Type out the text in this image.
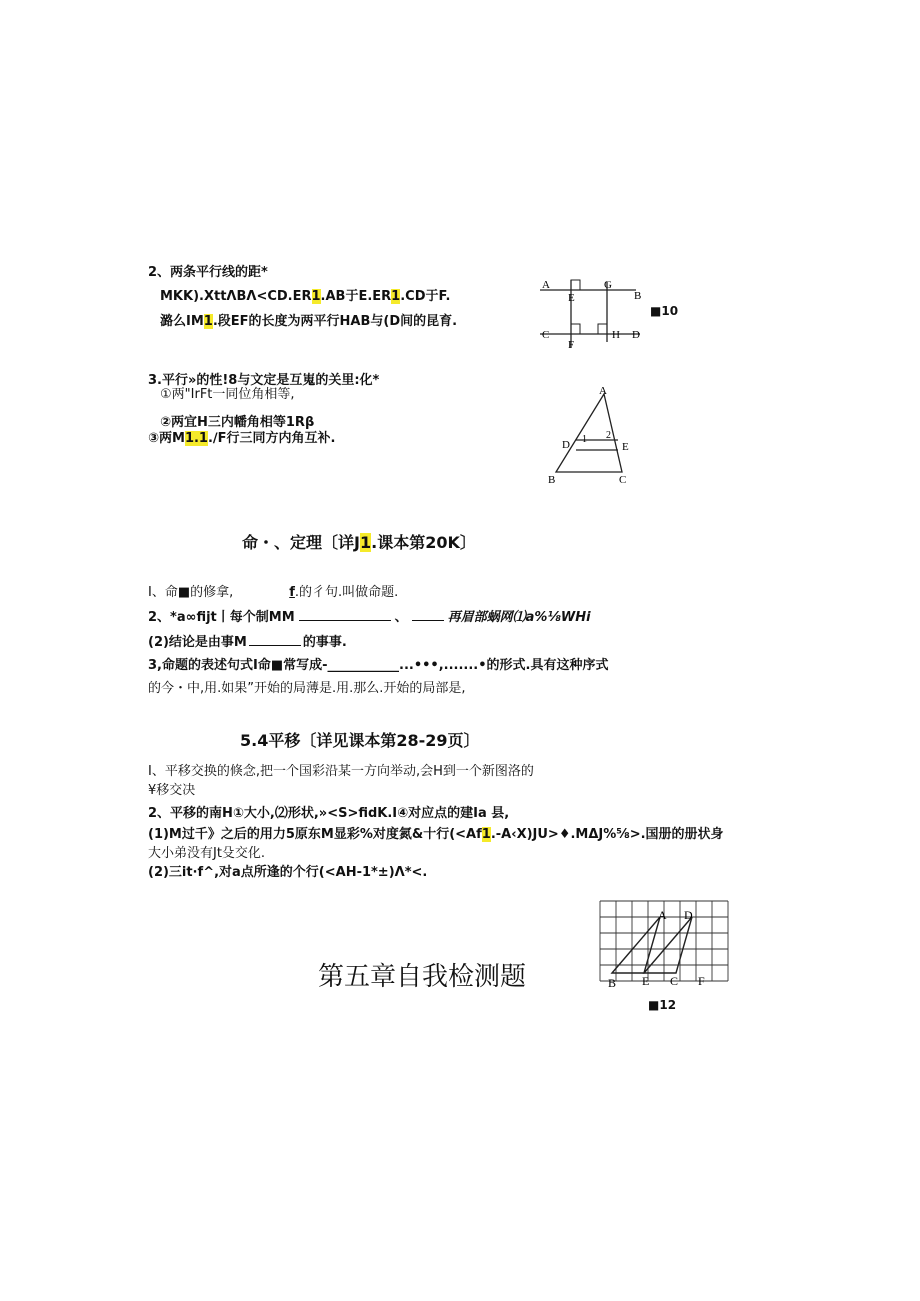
2、两条平行线的距*
MKK).XttΛBΛ<CD.ER1.AB于E.ER1.CD于F.
潞么IM1.段EF的长度为两平行HAB与(D间的昆育.
A
E
G
B
C	H D
F
■10
3.平行»的性!8与文定是互嵬的关里:化*
①两"IrFt一同位角相等,
②两宜H三内幡角相等1Rβ
③两M1.1.∕F行三同方内角互补.
A
D	E
1 2
B	C
命・、定理〔详J1.课本第20K〕
I、命■的修拿,	f.的彳句.叫做命题.
2、*a∞fijt丨每个制MM	、	再眉部蜗网⑴a%⅛WHi
(2)结论是由事M	的事事.
3,命题的表述句式I命■常写成-___________...•••,.......•的形式.具有这种序式
的今・中,用.如果”开始的局薄是.用.那么.开始的局部是,
5.4平移〔详见课本第28-29页〕
I、平移交换的倏念,把一个国彩沿某一方向举动,会H到一个新图洛的
¥移交决
2、平移的南H①大小,⑵形状,»<S>fidK.I④对应点的建Ia 县,
(1)M过千》之后的用力5原东M显彩%对度氮&十行(<Af1.-A‹X)JU>♦.MΔJ%⅝>.国册的册状身
大小弟没有Jt殳交化.
(2)三it∙f^,对a点所逢的个行(<AH-1*±)Λ*<.
第五章自我检测题
A D
B E C F
■12
